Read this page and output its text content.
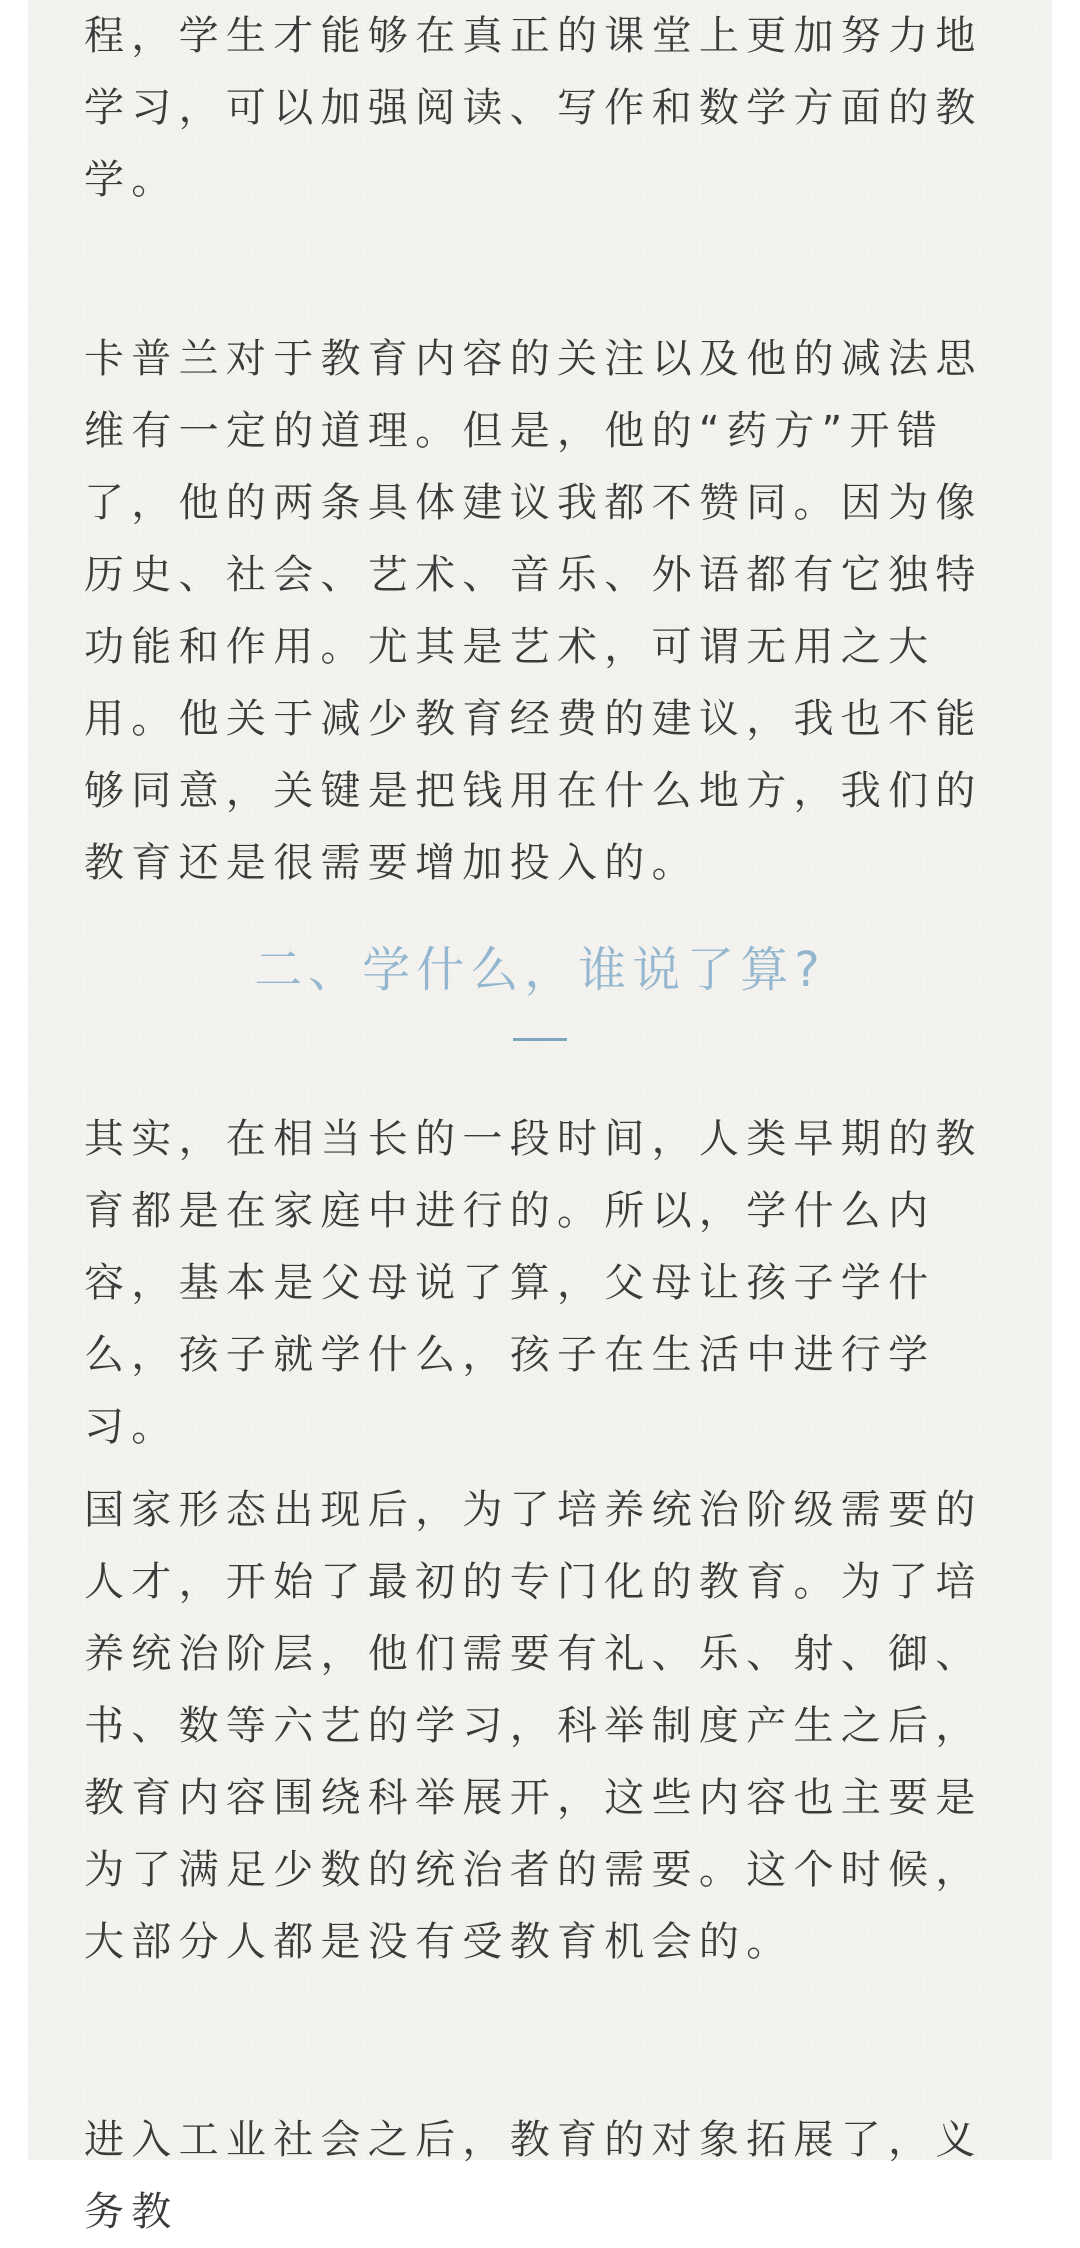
程，学生才能够在真正的课堂上更加努力地学习，可以加强阅读、写作和数学方面的教学。

卡普兰对于教育内容的关注以及他的减法思维有一定的道理。但是，他的“药方”开错了，他的两条具体建议我都不赞同。因为像历史、社会、艺术、音乐、外语都有它独特功能和作用。尤其是艺术，可谓无用之大用。他关于减少教育经费的建议，我也不能够同意，关键是把钱用在什么地方，我们的教育还是很需要增加投入的。

二、学什么，谁说了算?

其实，在相当长的一段时间，人类早期的教育都是在家庭中进行的。所以，学什么内容，基本是父母说了算，父母让孩子学什么，孩子就学什么，孩子在生活中进行学习。

国家形态出现后，为了培养统治阶级需要的人才，开始了最初的专门化的教育。为了培养统治阶层，他们需要有礼、乐、射、御、书、数等六艺的学习，科举制度产生之后，教育内容围绕科举展开，这些内容也主要是为了满足少数的统治者的需要。这个时候，大部分人都是没有受教育机会的。

进入工业社会之后，教育的对象拓展了，义务教
